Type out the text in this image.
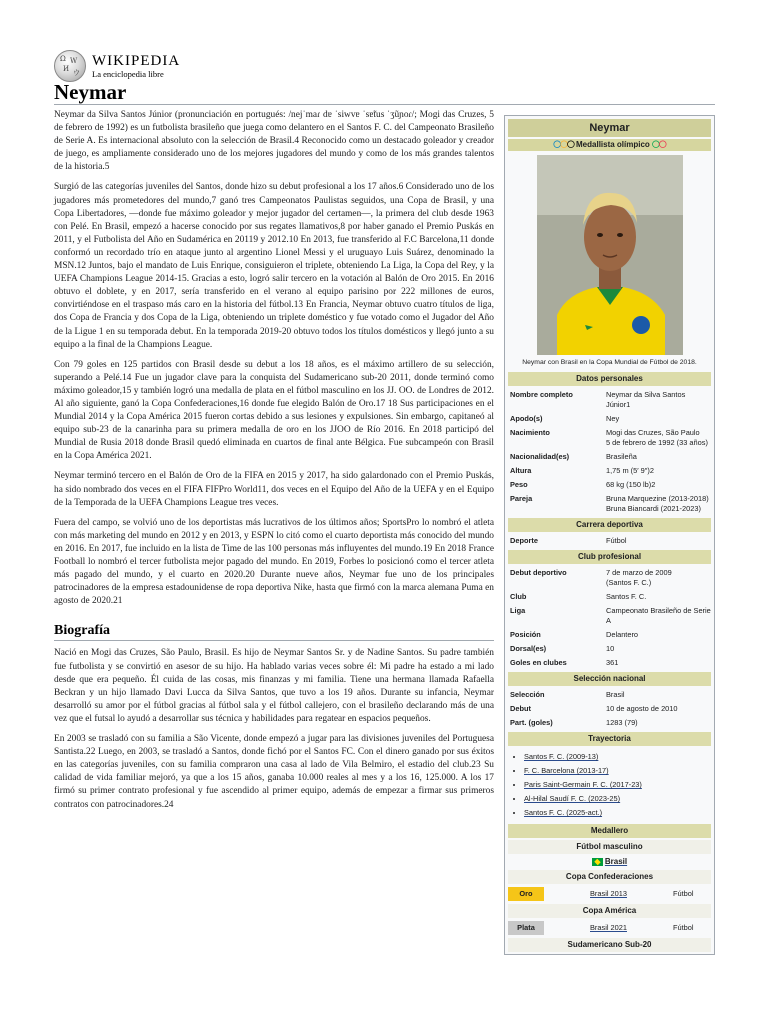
Ω W
И ウ
WIKIPEDIA
La enciclopedia libre
Neymar

Neymar da Silva Santos Júnior (pronunciación en portugués: /nejˈmaɾ dɐ ˈsiwvɐ ˈsɐ̃tus ˈʒũɲoɾ/; Mogi das Cruzes, 5 de febrero de 1992) es un futbolista brasileño que juega como delantero en el Santos F. C. del Campeonato Brasileño de Serie A. Es internacional absoluto con la selección de Brasil.4 Reconocido como un destacado goleador y creador de juego, es ampliamente considerado uno de los mejores jugadores del mundo y como de los más grandes talentos de la historia.5

Surgió de las categorías juveniles del Santos, donde hizo su debut profesional a los 17 años.6 Considerado uno de los jugadores más prometedores del mundo,7 ganó tres Campeonatos Paulistas seguidos, una Copa de Brasil, y una Copa Libertadores, —donde fue máximo goleador y mejor jugador del certamen—, la primera del club desde 1963 con Pelé. En Brasil, empezó a hacerse conocido por sus regates llamativos,8 por haber ganado el Premio Puskás en 2011, y el Futbolista del Año en Sudamérica en 20119 y 2012.10 En 2013, fue transferido al F.C Barcelona,11 donde conformó un recordado trío en ataque junto al argentino Lionel Messi y el uruguayo Luis Suárez, denominado la MSN.12 Juntos, bajo el mandato de Luis Enrique, consiguieron el triplete, obteniendo La Liga, la Copa del Rey, y la UEFA Champions League 2014-15. Gracias a esto, logró salir tercero en la votación al Balón de Oro 2015. En 2016 obtuvo el doblete, y en 2017, sería transferido en el verano al equipo parisino por 222 millones de euros, convirtiéndose en el traspaso más caro en la historia del fútbol.13 En Francia, Neymar obtuvo cuatro títulos de liga, dos Copa de Francia y dos Copa de la Liga, obteniendo un triplete doméstico y fue votado como el Jugador del Año de la Ligue 1 en su temporada debut. En la temporada 2019-20 obtuvo todos los títulos domésticos y llegó junto a su equipo a la final de la Champions League.

Con 79 goles en 125 partidos con Brasil desde su debut a los 18 años, es el máximo artillero de su selección, superando a Pelé.14 Fue un jugador clave para la conquista del Sudamericano sub-20 2011, donde terminó como máximo goleador,15 y también logró una medalla de plata en el fútbol masculino en los JJ. OO. de Londres de 2012. Al año siguiente, ganó la Copa Confederaciones,16 donde fue elegido Balón de Oro.17 18 Sus participaciones en el Mundial 2014 y la Copa América 2015 fueron cortas debido a sus lesiones y expulsiones. Sin embargo, capitaneó al equipo sub-23 de la canarinha para su primera medalla de oro en los JJOO de Río 2016. En 2018 participó del Mundial de Rusia 2018 donde Brasil quedó eliminada en cuartos de final ante Bélgica. Fue subcampeón con Brasil en la Copa América 2021.

Neymar terminó tercero en el Balón de Oro de la FIFA en 2015 y 2017, ha sido galardonado con el Premio Puskás, ha sido nombrado dos veces en el FIFA FIFPro World11, dos veces en el Equipo del Año de la UEFA y en el Equipo de la Temporada de la UEFA Champions League tres veces.

Fuera del campo, se volvió uno de los deportistas más lucrativos de los últimos años; SportsPro lo nombró el atleta con más marketing del mundo en 2012 y en 2013, y ESPN lo citó como el cuarto deportista más conocido del mundo en 2016. En 2017, fue incluido en la lista de Time de las 100 personas más influyentes del mundo.19 En 2018 France Football lo nombró el tercer futbolista mejor pagado del mundo. En 2019, Forbes lo posicionó como el tercer atleta más pagado del mundo, y el cuarto en 2020.20 Durante nueve años, Neymar fue uno de los principales patrocinadores de la empresa estadounidense de ropa deportiva Nike, hasta que firmó con la marca alemana Puma en agosto de 2020.21

Biografía

Nació en Mogi das Cruzes, São Paulo, Brasil. Es hijo de Neymar Santos Sr. y de Nadine Santos. Su padre también fue futbolista y se convirtió en asesor de su hijo. Ha hablado varias veces sobre él: Mi padre ha estado a mi lado desde que era pequeño. Él cuida de las cosas, mis finanzas y mi familia. Tiene una hermana llamada Rafaella Beckran y un hijo llamado Davi Lucca da Silva Santos, que tuvo a los 19 años. Durante su infancia, Neymar desarrolló su amor por el fútbol gracias al fútbol sala y el fútbol callejero, con el brasileño declarando más de una vez que el futsal lo ayudó a desarrollar sus técnica y habilidades para regatear en espacios pequeños.

En 2003 se trasladó con su familia a São Vicente, donde empezó a jugar para las divisiones juveniles del Portuguesa Santista.22 Luego, en 2003, se trasladó a Santos, donde fichó por el Santos FC. Con el dinero ganado por sus éxitos en las categorías juveniles, con su familia compraron una casa al lado de Vila Belmiro, el estadio del club.23 Su calidad de vida familiar mejoró, ya que a los 15 años, ganaba 10.000 reales al mes y a los 16, 125.000. A los 17 firmó su primer contrato profesional y fue ascendido al primer equipo, además de empezar a firmar sus primeros contratos con patrocinadores.24

Neymar
◯◯◯ Medallista olímpico ◯◯
Neymar con Brasil en la Copa Mundial de Fútbol de 2018.
Datos personales
Nombre completo	Neymar da Silva Santos Júnior1
Apodo(s)	Ney
Nacimiento	Mogi das Cruzes, São Paulo
5 de febrero de 1992 (33 años)
Nacionalidad(es)	Brasileña
Altura	1,75 m (5′ 9″)2
Peso	68 kg (150 lb)2
Pareja	Bruna Marquezine (2013-2018)
Bruna Biancardi (2021-2023)
Carrera deportiva
Deporte	Fútbol
Club profesional
Debut deportivo	7 de marzo de 2009
(Santos F. C.)
Club	Santos F. C.
Liga	Campeonato Brasileño de Serie A
Posición	Delantero
Dorsal(es)	10
Goles en clubes	361
Selección nacional
Selección	Brasil
Debut	10 de agosto de 2010
Part. (goles)	1283 (79)
Trayectoria
• Santos F. C. (2009-13)
• F. C. Barcelona (2013-17)
• Paris Saint-Germain F. C. (2017-23)
• Al-Hilal Saudí F. C. (2023-25)
• Santos F. C. (2025-act.)
Medallero
Fútbol masculino
Brasil
Copa Confederaciones
Oro	Brasil 2013	Fútbol
Copa América
Plata	Brasil 2021	Fútbol
Sudamericano Sub-20
